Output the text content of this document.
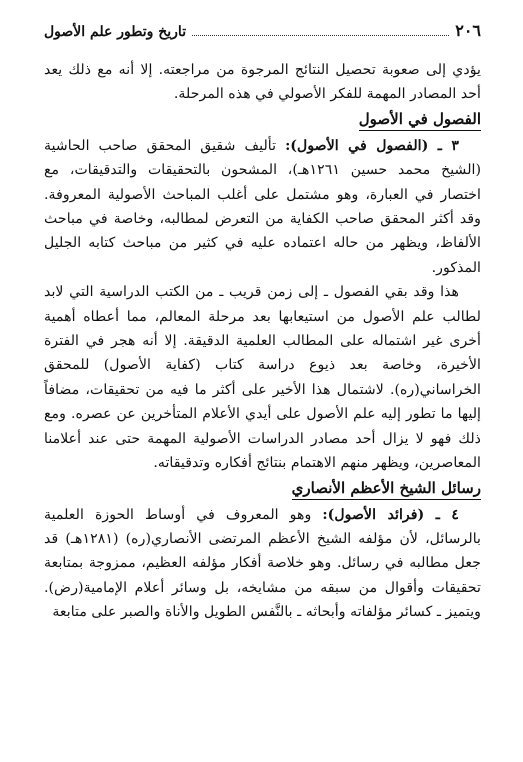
٢٠٦
تاريخ وتطور علم الأصول

يؤدي إلى صعوبة تحصيل النتائج المرجوة من مراجعته. إلا أنه مع ذلك يعد أحد المصادر المهمة للفكر الأصولي في هذه المرحلة.

الفصول في الأصول

٣ ـ (الفصول في الأصول): تأليف شقيق المحقق صاحب الحاشية (الشيخ محمد حسين ١٢٦١هـ)، المشحون بالتحقيقات والتدقيقات، مع اختصار في العبارة، وهو مشتمل على أغلب المباحث الأصولية المعروفة. وقد أكثر المحقق صاحب الكفاية من التعرض لمطالبه، وخاصة في مباحث الألفاظ، ويظهر من حاله اعتماده عليه في كثير من مباحث كتابه الجليل المذكور.

هذا وقد بقي الفصول ـ إلى زمن قريب ـ من الكتب الدراسية التي لابد لطالب علم الأصول من استيعابها بعد مرحلة المعالم، مما أعطاه أهمية أخرى غير اشتماله على المطالب العلمية الدقيقة. إلا أنه هجر في الفترة الأخيرة، وخاصة بعد ذيوع دراسة كتاب (كفاية الأصول) للمحقق الخراساني(ره). لاشتمال هذا الأخير على أكثر ما فيه من تحقيقات، مضافاً إليها ما تطور إليه علم الأصول على أيدي الأعلام المتأخرين عن عصره. ومع ذلك فهو لا يزال أحد مصادر الدراسات الأصولية المهمة حتى عند أعلامنا المعاصرين، ويظهر منهم الاهتمام بنتائج أفكاره وتدقيقاته.

رسائل الشيخ الأعظم الأنصاري

٤ ـ (فرائد الأصول): وهو المعروف في أوساط الحوزة العلمية بالرسائل، لأن مؤلفه الشيخ الأعظم المرتضى الأنصاري(ره) (١٢٨١هـ) قد جعل مطالبه في رسائل. وهو خلاصة أفكار مؤلفه العظيم، ممزوجة بمتابعة تحقيقات وأقوال من سبقه من مشايخه، بل وسائر أعلام الإمامية(رض). ويتميز ـ كسائر مؤلفاته وأبحاثه ـ بالنَّفس الطويل والأناة والصبر على متابعة
